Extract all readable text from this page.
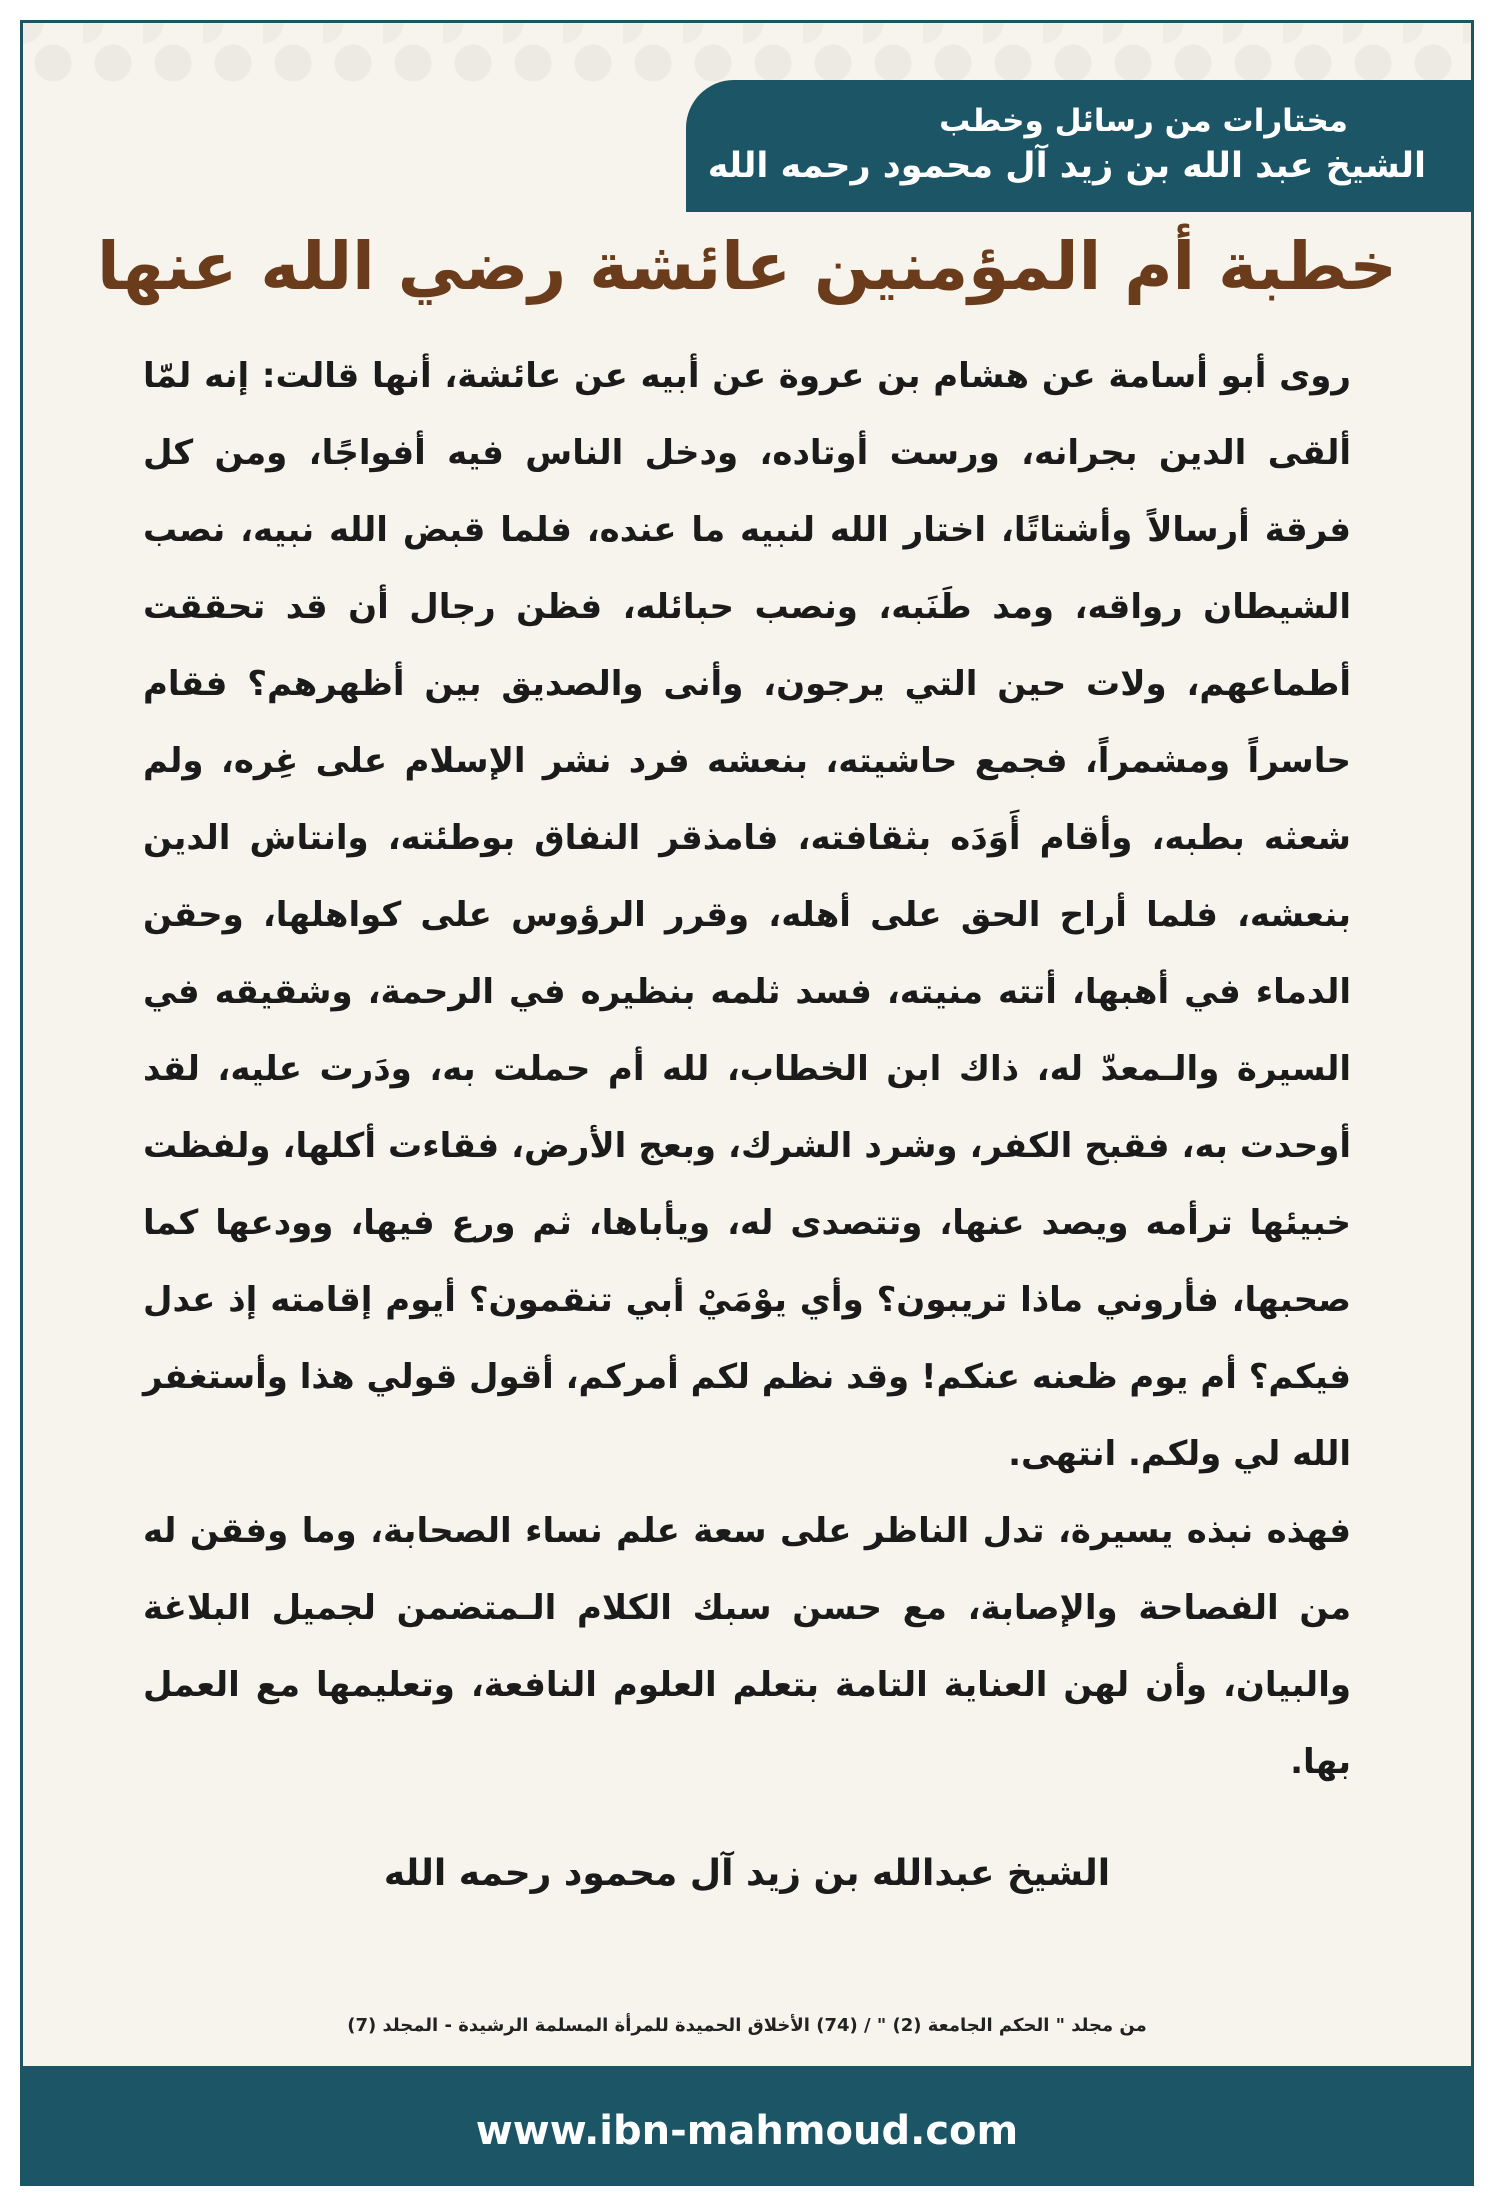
مختارات من رسائل وخطب
الشيخ عبد الله بن زيد آل محمود رحمه الله
خطبة أم المؤمنين عائشة رضي الله عنها
روى أبو أسامة عن هشام بن عروة عن أبيه عن عائشة، أنها قالت: إنه لمّا ألقى الدين بجرانه، ورست أوتاده، ودخل الناس فيه أفواجًا، ومن كل فرقة أرسالاً وأشتاتًا، اختار الله لنبيه ما عنده، فلما قبض الله نبيه، نصب الشيطان رواقه، ومد طَنَبه، ونصب حبائله، فظن رجال أن قد تحققت أطماعهم، ولات حين التي يرجون، وأنى والصديق بين أظهرهم؟ فقام حاسراً ومشمراً، فجمع حاشيته، بنعشه فرد نشر الإسلام على غِره، ولم شعثه بطبه، وأقام أَوَدَه بثقافته، فامذقر النفاق بوطئته، وانتاش الدين بنعشه، فلما أراح الحق على أهله، وقرر الرؤوس على كواهلها، وحقن الدماء في أهبها، أتته منيته، فسد ثلمه بنظيره في الرحمة، وشقيقه في السيرة والـمعدّ له، ذاك ابن الخطاب، لله أم حملت به، ودَرت عليه، لقد أوحدت به، فقبح الكفر، وشرد الشرك، وبعج الأرض، فقاءت أكلها، ولفظت خبيئها ترأمه ويصد عنها، وتتصدى له، ويأباها، ثم ورع فيها، وودعها كما صحبها، فأروني ماذا تريبون؟ وأي يوْمَيْ أبي تنقمون؟ أيوم إقامته إذ عدل فيكم؟ أم يوم ظعنه عنكم! وقد نظم لكم أمركم، أقول قولي هذا وأستغفر الله لي ولكم. انتهى.
فهذه نبذه يسيرة، تدل الناظر على سعة علم نساء الصحابة، وما وفقن له من الفصاحة والإصابة، مع حسن سبك الكلام الـمتضمن لجميل البلاغة والبيان، وأن لهن العناية التامة بتعلم العلوم النافعة، وتعليمها مع العمل بها.
الشيخ عبدالله بن زيد آل محمود رحمه الله
من مجلد " الحكم الجامعة (2) " / (74) الأخلاق الحميدة للمرأة المسلمة الرشيدة - المجلد (7)
www.ibn-mahmoud.com
